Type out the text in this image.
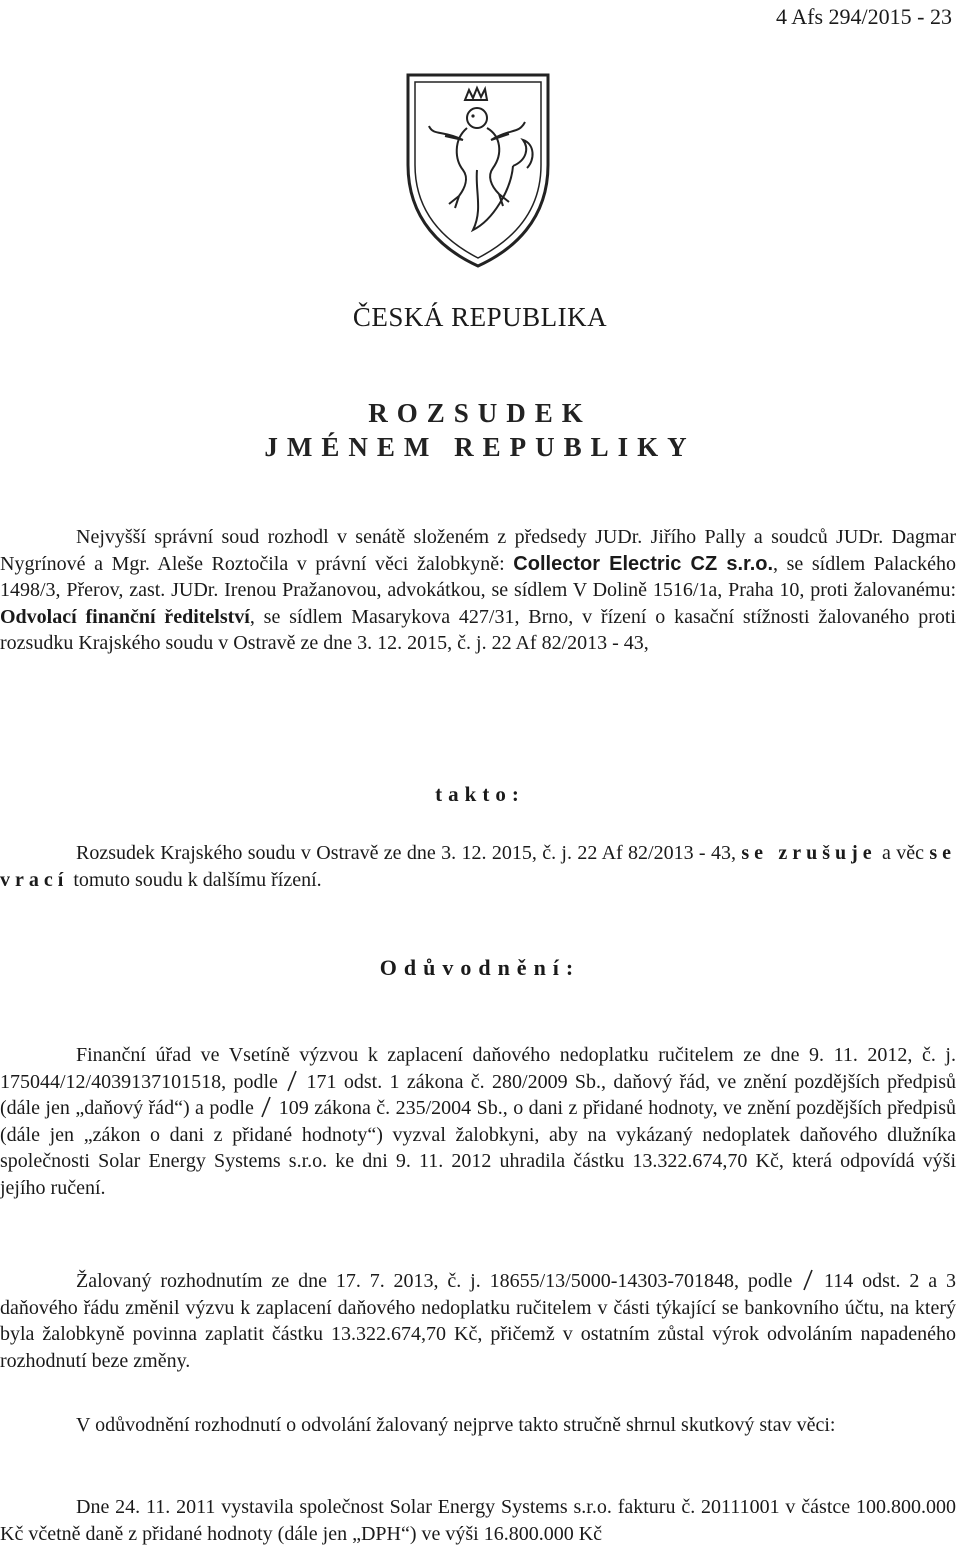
4 Afs 294/2015 - 23
ČESKÁ REPUBLIKA
ROZSUDEK
JMÉNEM REPUBLIKY
Nejvyšší správní soud rozhodl v senátě složeném z předsedy JUDr. Jiřího Pally a soudců JUDr. Dagmar Nygrínové a Mgr. Aleše Roztočila v právní věci žalobkyně: Collector Electric CZ s.r.o., se sídlem Palackého 1498/3, Přerov, zast. JUDr. Irenou Pražanovou, advokátkou, se sídlem V Dolině 1516/1a, Praha 10, proti žalovanému: Odvolací finanční ředitelství, se sídlem Masarykova 427/31, Brno, v řízení o kasační stížnosti žalovaného proti rozsudku Krajského soudu v Ostravě ze dne 3. 12. 2015, č. j. 22 Af 82/2013 - 43,
takto:
Rozsudek Krajského soudu v Ostravě ze dne 3. 12. 2015, č. j. 22 Af 82/2013 - 43, se zrušuje a věc se vrací tomuto soudu k dalšímu řízení.
Odůvodnění:
Finanční úřad ve Vsetíně výzvou k zaplacení daňového nedoplatku ručitelem ze dne 9. 11. 2012, č. j. 175044/12/4039137101518, podle  171 odst. 1 zákona č. 280/2009 Sb., daňový řád, ve znění pozdějších předpisů (dále jen „daňový řád“) a podle  109 zákona č. 235/2004 Sb., o dani z přidané hodnoty, ve znění pozdějších předpisů (dále jen „zákon o dani z přidané hodnoty“) vyzval žalobkyni, aby na vykázaný nedoplatek daňového dlužníka společnosti Solar Energy Systems s.r.o. ke dni 9. 11. 2012 uhradila částku 13.322.674,70 Kč, která odpovídá výši jejího ručení.
Žalovaný rozhodnutím ze dne 17. 7. 2013, č. j. 18655/13/5000-14303-701848, podle  114 odst. 2 a 3 daňového řádu změnil výzvu k zaplacení daňového nedoplatku ručitelem v části týkající se bankovního účtu, na který byla žalobkyně povinna zaplatit částku 13.322.674,70 Kč, přičemž v ostatním zůstal výrok odvoláním napadeného rozhodnutí beze změny.
V odůvodnění rozhodnutí o odvolání žalovaný nejprve takto stručně shrnul skutkový stav věci:
Dne 24. 11. 2011 vystavila společnost Solar Energy Systems s.r.o. fakturu č. 20111001 v částce 100.800.000 Kč včetně daně z přidané hodnoty (dále jen „DPH“) ve výši 16.800.000 Kč
